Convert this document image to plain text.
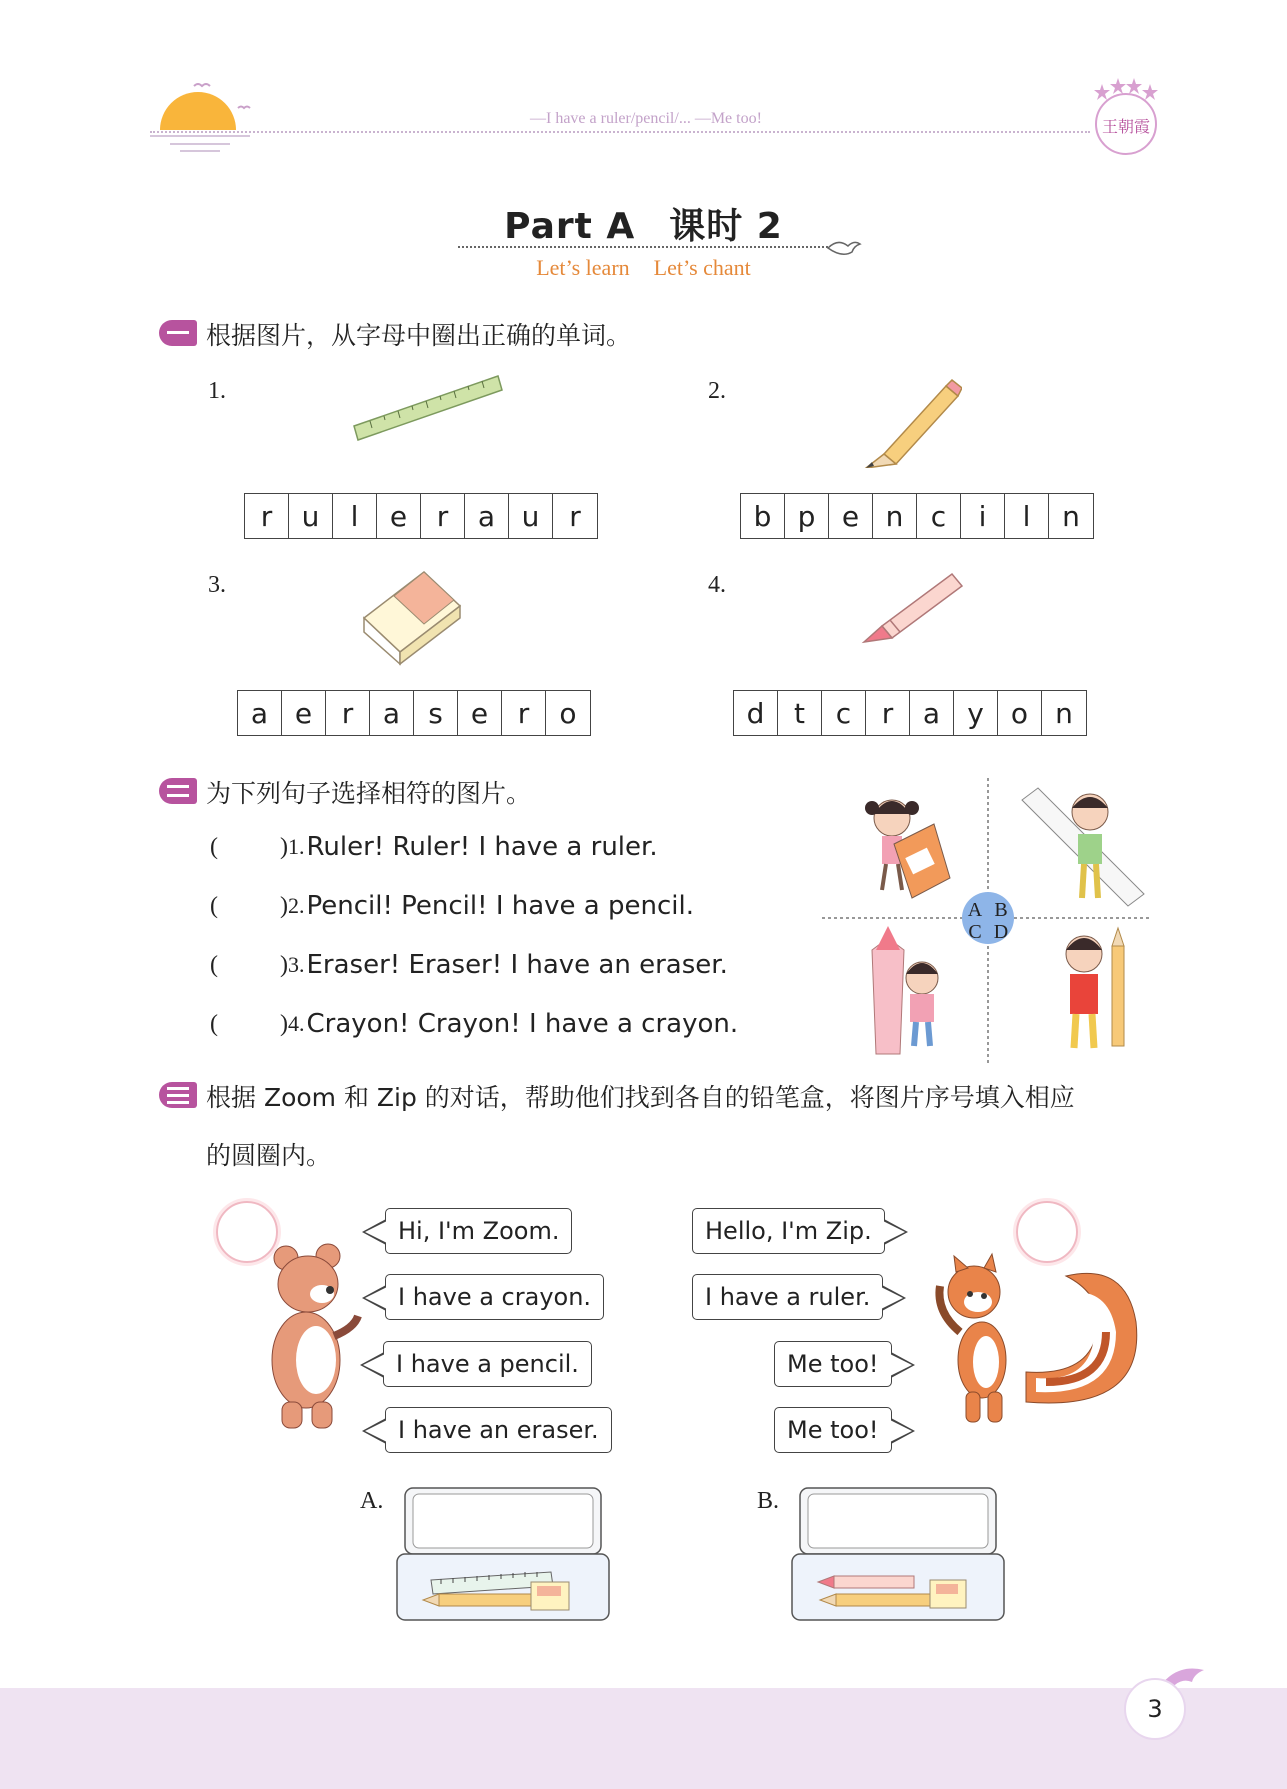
—I have a ruler/pencil/... —Me too!	王朝霞
Part A 课时 2
Let’s learn Let’s chant
根据图片，从字母中圈出正确的单词。
1.
r	u	l	e	r	a u	r
2.
b p e n c	i	l	n
3.
a e	r	a	s	e	r	o
4.
d	t	c	r	a y o n
为下列句子选择相符的图片。
(	) 1. Ruler! Ruler! I have a ruler.
(	) 2. Pencil! Pencil! I have a pencil.
(	) 3. Eraser! Eraser! I have an eraser.
(	) 4. Crayon! Crayon! I have a crayon.
A B
C D
根据 Zoom 和 Zip 的对话，帮助他们找到各自的铅笔盒，将图片序号填入相应
的圆圈内。
Hi, I'm Zoom.
I have a crayon.
I have a pencil.
I have an eraser.
Hello, I'm Zip.
I have a ruler.
Me too!
Me too!
A.	B.
3
